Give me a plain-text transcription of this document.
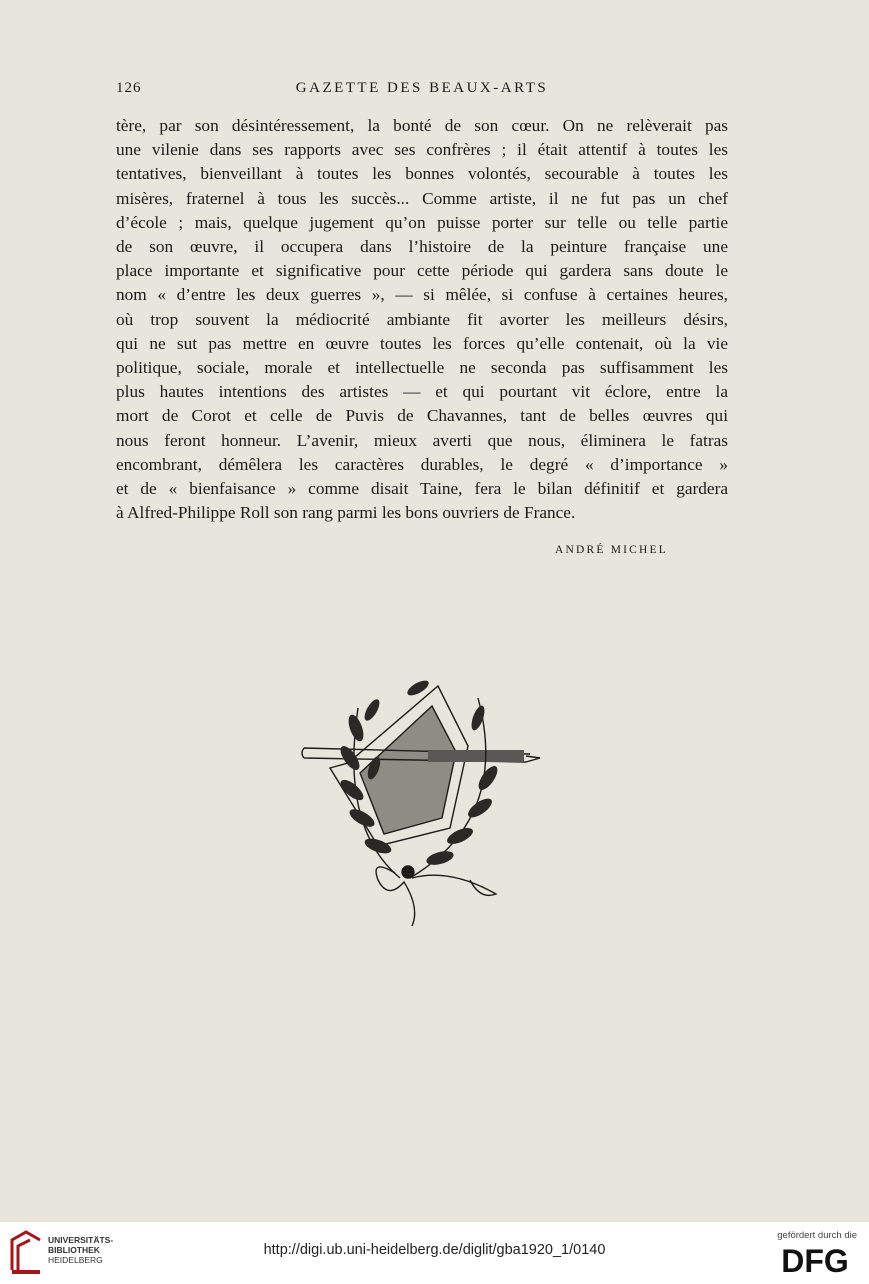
126	GAZETTE DES BEAUX-ARTS
tère, par son désintéressement, la bonté de son cœur. On ne relèverait pas
une vilenie dans ses rapports avec ses confrères ; il était attentif à toutes les
tentatives, bienveillant à toutes les bonnes volontés, secourable à toutes les
misères, fraternel à tous les succès... Comme artiste, il ne fut pas un chef
d’école ; mais, quelque jugement qu’on puisse porter sur telle ou telle partie
de son œuvre, il occupera dans l’histoire de la peinture française une
place importante et significative pour cette période qui gardera sans doute le
nom « d’entre les deux guerres », — si mêlée, si confuse à certaines heures,
où trop souvent la médiocrité ambiante fit avorter les meilleurs désirs,
qui ne sut pas mettre en œuvre toutes les forces qu’elle contenait, où la vie
politique, sociale, morale et intellectuelle ne seconda pas suffisamment les
plus hautes intentions des artistes — et qui pourtant vit éclore, entre la
mort de Corot et celle de Puvis de Chavannes, tant de belles œuvres qui
nous feront honneur. L’avenir, mieux averti que nous, éliminera le fatras
encombrant, démêlera les caractères durables, le degré « d’importance »
et de « bienfaisance » comme disait Taine, fera le bilan définitif et gardera
à Alfred-Philippe Roll son rang parmi les bons ouvriers de France.
ANDRÉ MICHEL
UNIVERSITÄTS-
BIBLIOTHEK
HEIDELBERG
http://digi.ub.uni-heidelberg.de/diglit/gba1920_1/0140
gefördert durch die
DFG
